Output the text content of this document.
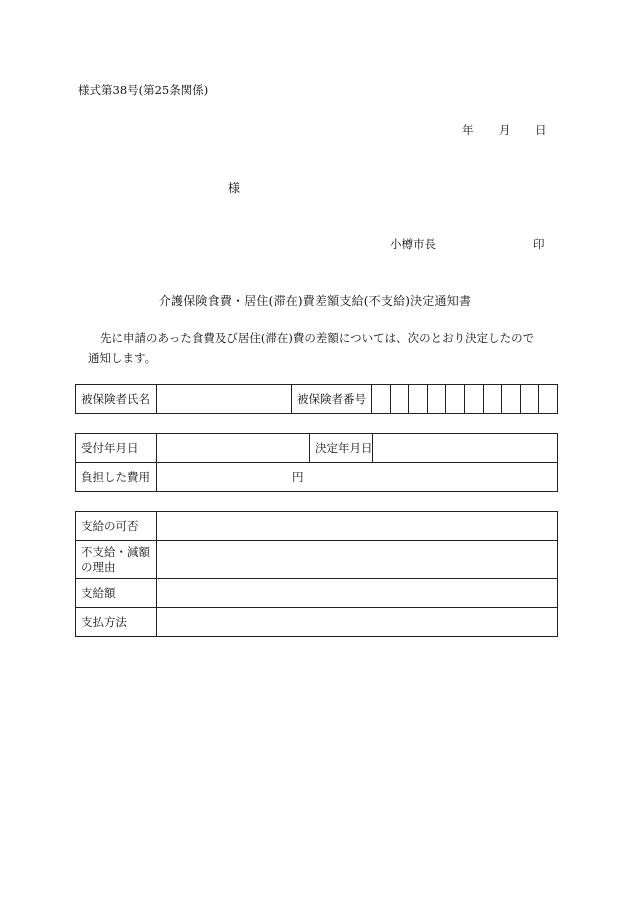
様式第38号(第25条関係)
年	月	日
様
小樽市長	印
介護保険食費・居住(滞在)費差額支給(不支給)決定通知書
先に申請のあった食費及び居住(滞在)費の差額については、次のとおり決定したので
通知します。
被保険者氏名		被保険者番号										
受付年月日		決定年月日	
負担した費用	円		
支給の可否	
不支給・減額
の理由	
支給額	
支払方法	
